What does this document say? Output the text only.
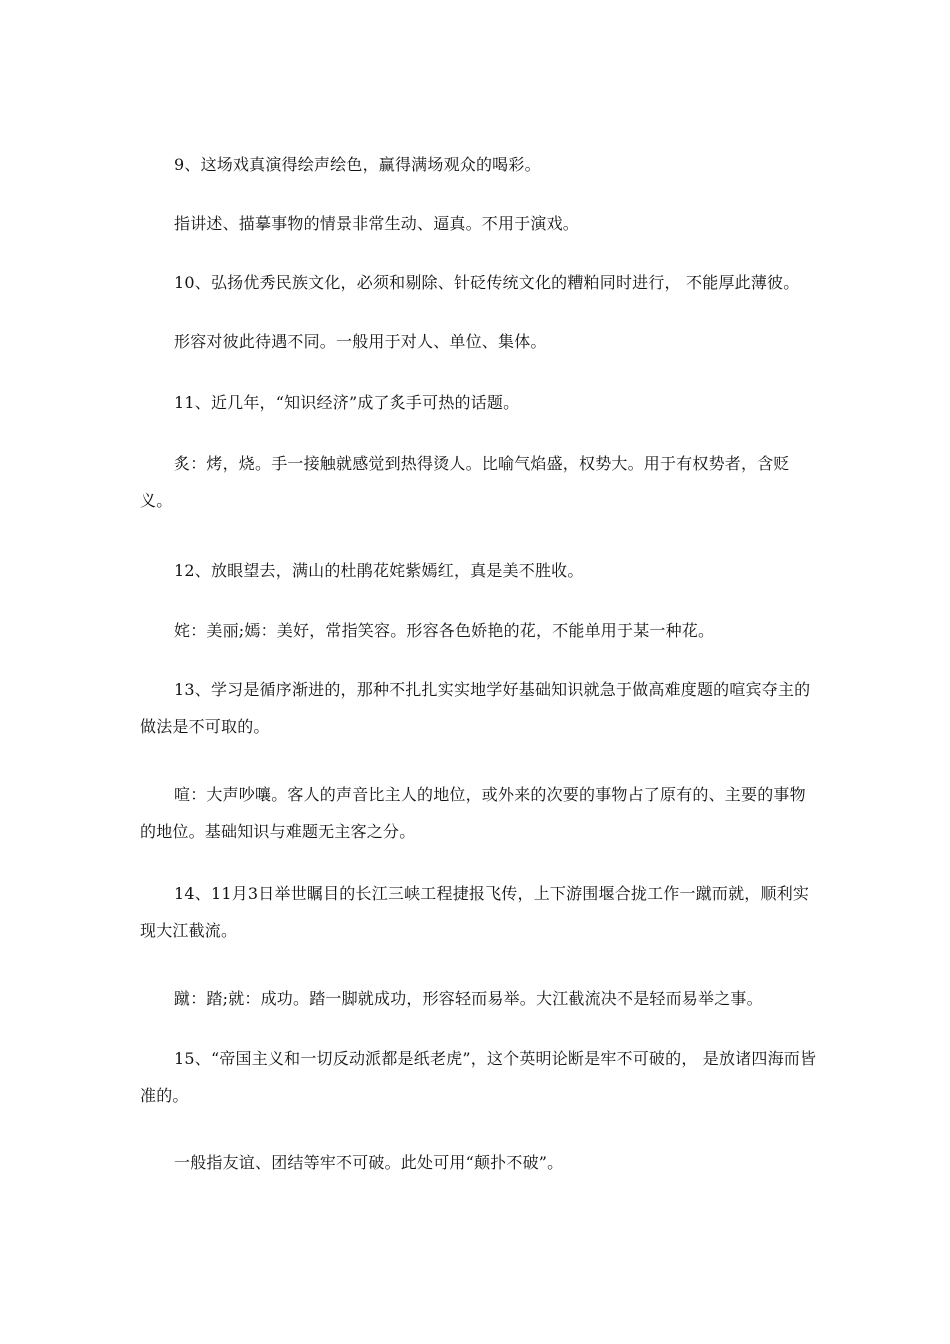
9、这场戏真演得绘声绘色，赢得满场观众的喝彩。

指讲述、描摹事物的情景非常生动、逼真。不用于演戏。

10、弘扬优秀民族文化，必须和剔除、针砭传统文化的糟粕同时进行， 不能厚此薄彼。

形容对彼此待遇不同。一般用于对人、单位、集体。

11、近几年，“知识经济”成了炙手可热的话题。

炙：烤，烧。手一接触就感觉到热得烫人。比喻气焰盛，权势大。用于有权势者，含贬义。

12、放眼望去，满山的杜鹃花姹紫嫣红，真是美不胜收。

姹：美丽;嫣：美好，常指笑容。形容各色娇艳的花，不能单用于某一种花。

13、学习是循序渐进的，那种不扎扎实实地学好基础知识就急于做高难度题的喧宾夺主的做法是不可取的。

喧：大声吵嚷。客人的声音比主人的地位，或外来的次要的事物占了原有的、主要的事物的地位。基础知识与难题无主客之分。

14、11月3日举世瞩目的长江三峡工程捷报飞传，上下游围堰合拢工作一蹴而就，顺利实现大江截流。

蹴：踏;就：成功。踏一脚就成功，形容轻而易举。大江截流决不是轻而易举之事。

15、“帝国主义和一切反动派都是纸老虎”，这个英明论断是牢不可破的， 是放诸四海而皆准的。

一般指友谊、团结等牢不可破。此处可用“颠扑不破”。
